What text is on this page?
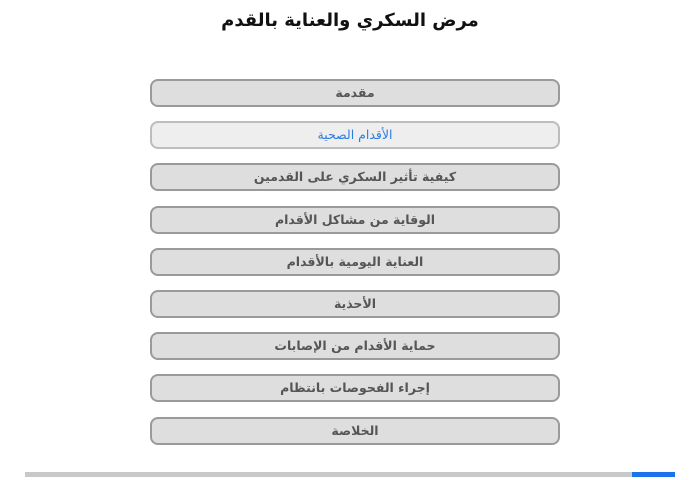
مرض السكري والعناية بالقدم
مقدمة
الأقدام الصحية
كيفية تأثير السكري على القدمين
الوقاية من مشاكل الأقدام
العناية اليومية بالأقدام
الأحذية
حماية الأقدام من الإصابات
إجراء الفحوصات بانتظام
الخلاصة
